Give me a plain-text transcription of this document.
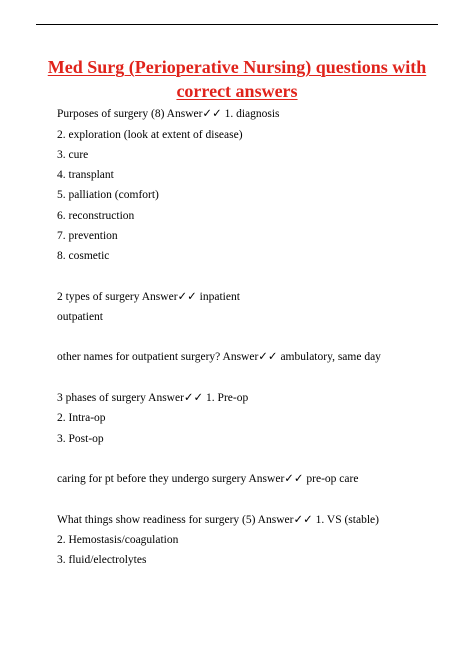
Med Surg (Perioperative Nursing) questions with
correct answers
Purposes of surgery (8) Answer✓✓ 1. diagnosis
2. exploration (look at extent of disease)
3. cure
4. transplant
5. palliation (comfort)
6. reconstruction
7. prevention
8. cosmetic
2 types of surgery Answer✓✓ inpatient
outpatient
other names for outpatient surgery? Answer✓✓ ambulatory, same day
3 phases of surgery Answer✓✓ 1. Pre-op
2. Intra-op
3. Post-op
caring for pt before they undergo surgery Answer✓✓ pre-op care
What things show readiness for surgery (5) Answer✓✓ 1. VS (stable)
2. Hemostasis/coagulation
3. fluid/electrolytes
